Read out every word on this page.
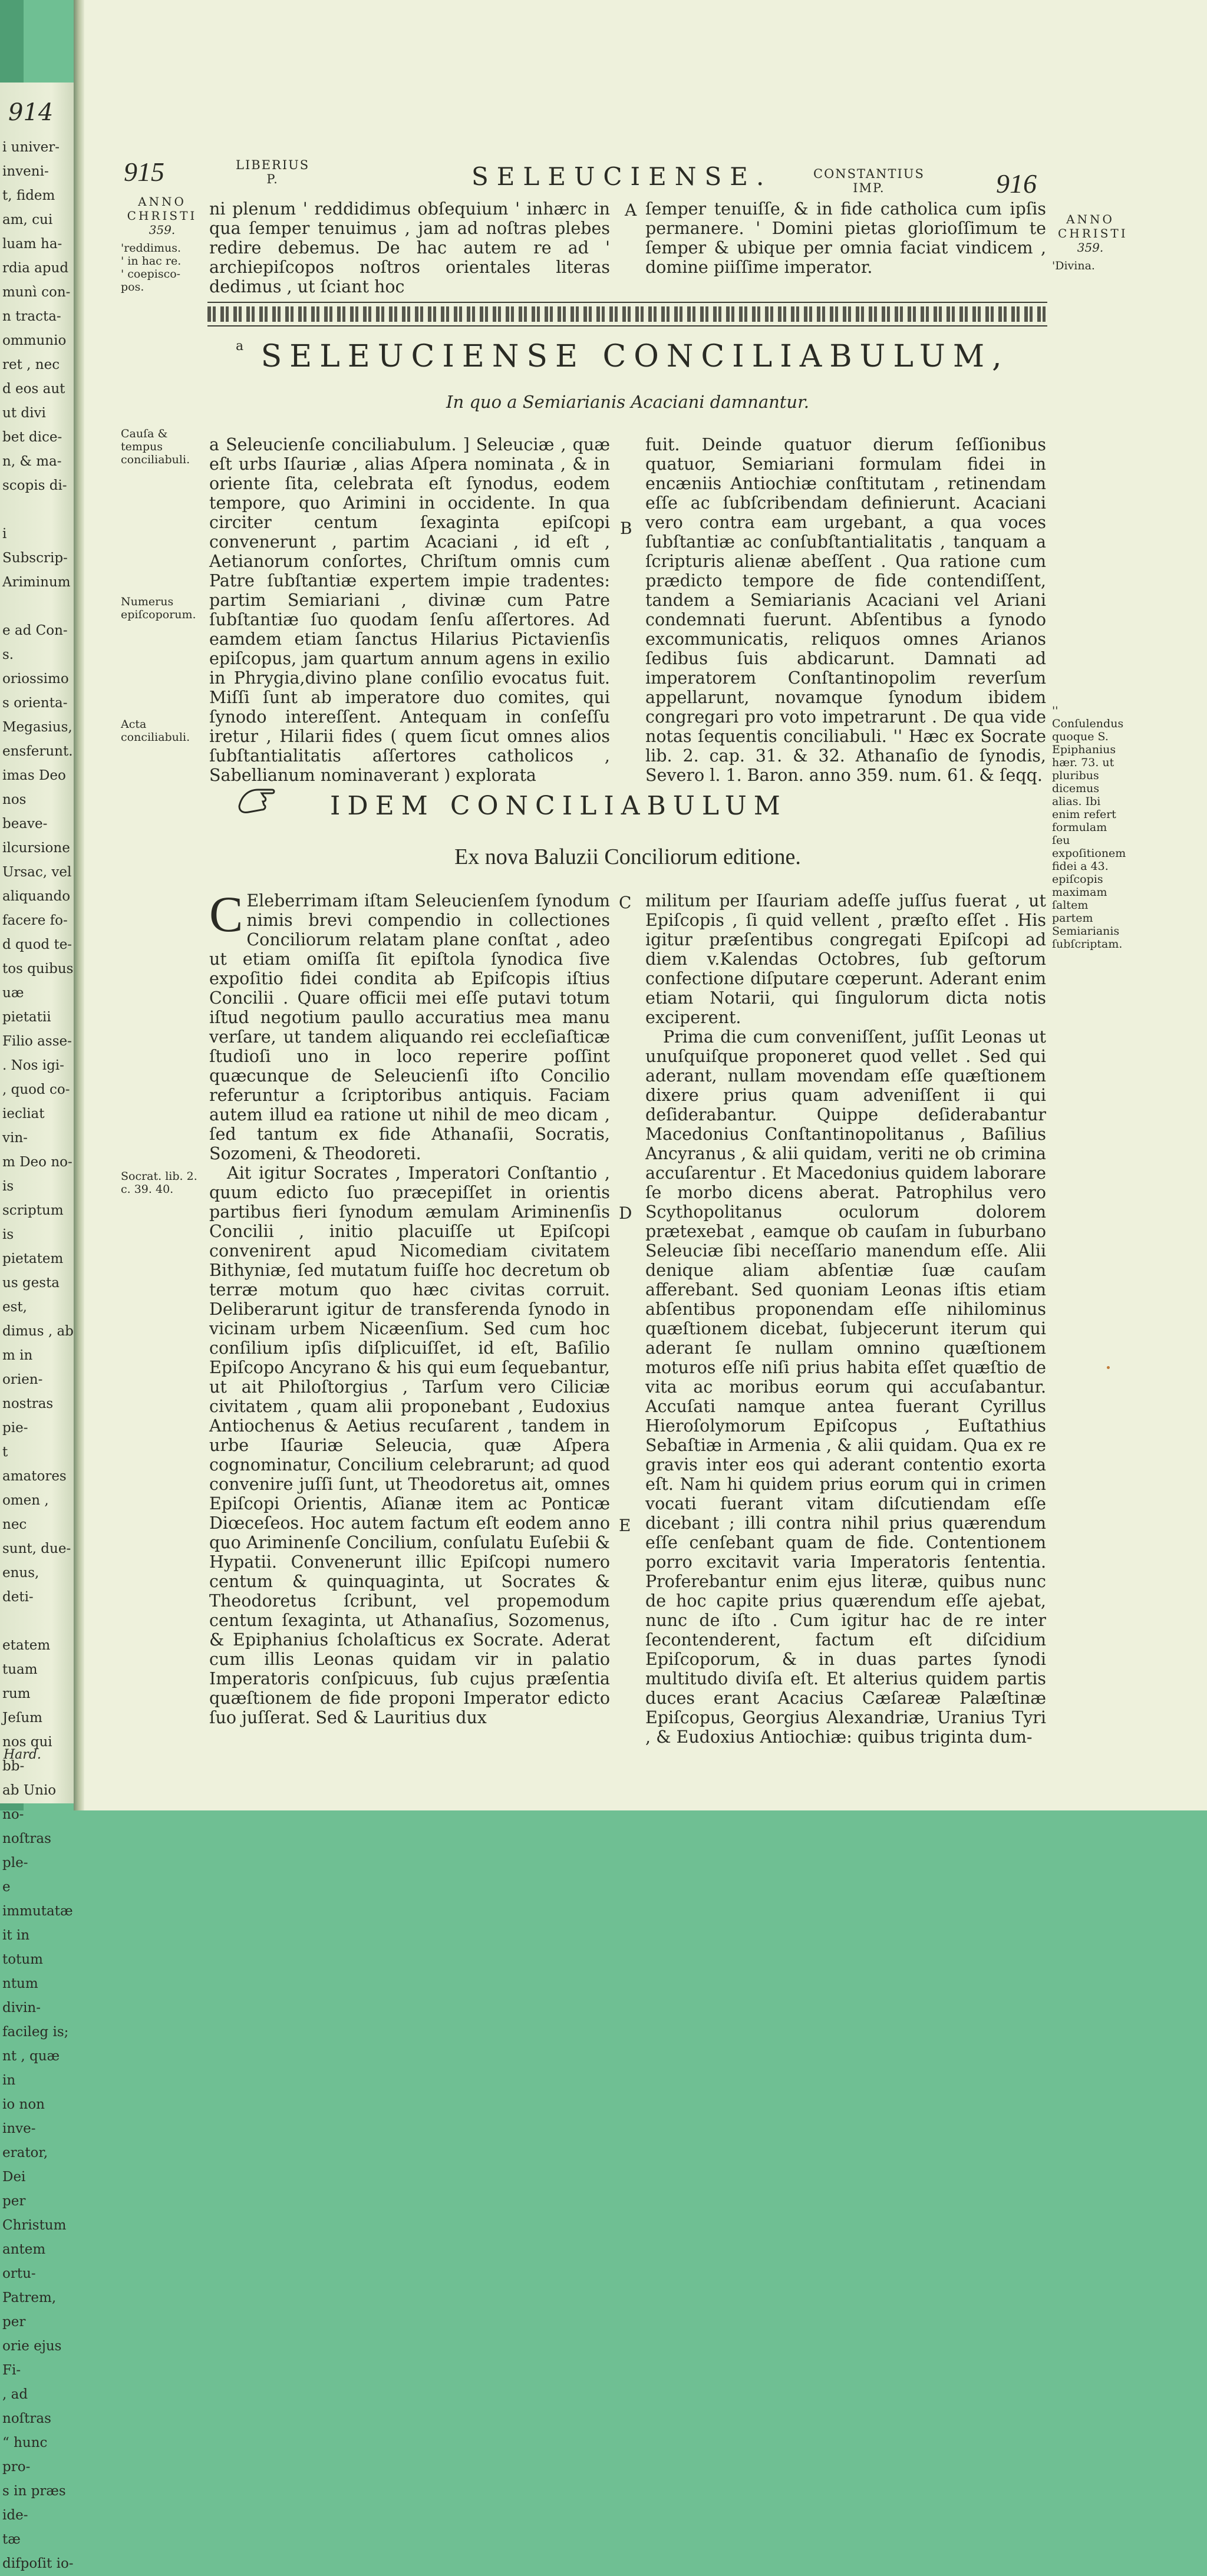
914
i univer-
inveni-
t, fidem
am, cui
luam ha-
rdia apud
munì con-
n tracta-
ommunio
ret , nec
d eos aut
ut divi
bet dice-
n, & ma-
scopis di-

i Subscrip-
Ariminum

e ad Con-
s.
oriossimo
s orienta-
Megasius,
ensferunt.
imas Deo
nos beave-
ilcursione
Ursac, vel
aliquando
facere fo-
d quod te-
tos quibus
uæ pietatii
Filio asse-
. Nos igi-
, quod co-
iecliat vin-
m Deo no-
is scriptum
is pietatem
us gesta est,
dimus , ab
m in orien-
nostras pie-
t amatores
omen , nec
sunt, due-
enus, deti-

etatem tuam
rum Jeſum
nos qui bb-
ab Unio no-
noſtras ple-
e immutatæ
it in totum
ntum divin-
facileg is;
nt , quæ in
io non inve-
erator, Dei
per Christum
antem ortu-
Patrem, per
orie ejus Fi-
, ad noſtras
“ hunc pro-
s in præs ide-
tæ difpoſit io-
Hard.
915	LIBERIUS
P.	SELEUCIENSE.	CONSTANTIUS
IMP.	916
ANNO
CHRISTI
359.
'reddimus.
' in hac re.
' coepisco-
pos.
ANNO
CHRISTI
359.
'Divina.
ni plenum ' reddidimus obſequium ' inhærc in qua ſemper tenuimus , jam ad noſtras plebes redire debemus. De hac autem re ad ' archiepiſcopos noſtros orientales literas dedimus , ut ſciant hoc
A ſemper tenuiſſe, & in fide catholica cum ipſis permanere. ' Domini pietas glorioſſimum te ſemper & ubique per omnia faciat vindicem , domine piiſſime imperator.
$^a$ SELEUCIENSE CONCILIABULUM,
In quo a Semiarianis Acaciani damnantur.
Cauſa & tempus conciliabuli.
Numerus epiſcoporum.
Acta conciliabuli.
a Seleucienſe conciliabulum. ] Seleuciæ , quæ eſt urbs Iſauriæ , alias Aſpera nominata , & in oriente ſita, celebrata eſt ſynodus, eodem tempore, quo Arimini in occidente. In qua circiter centum ſexaginta epiſcopi convenerunt , partim Acaciani , id eſt , Aetianorum conſortes, Chriſtum omnis cum Patre ſubſtantiæ expertem impie tradentes: partim Semiariani , divinæ cum Patre ſubſtantiæ ſuo quodam ſenſu aſſertores. Ad eamdem etiam ſanctus Hilarius Pictavienſis epiſcopus, jam quartum annum agens in exilio in Phrygia,divino plane conſilio evocatus fuit. Miſſi ſunt ab imperatore duo comites, qui ſynodo intereſſent. Antequam in conſeſſu iretur , Hilarii fides ( quem ſicut omnes alios ſubſtantialitatis aſſertores catholicos , Sabellianum nominaverant ) explorata
B
fuit. Deinde quatuor dierum ſeſſionibus quatuor, Semiariani formulam fidei in encæniis Antiochiæ conſtitutam , retinendam eſſe ac ſubſcribendam definierunt. Acaciani vero contra eam urgebant, a qua voces ſubſtantiæ ac conſubſtantialitatis , tanquam a ſcripturis alienæ abeſſent . Qua ratione cum prædicto tempore de fide contendiſſent, tandem a Semiarianis Acaciani vel Ariani condemnati fuerunt. Abſentibus a ſynodo excommunicatis, reliquos omnes Arianos ſedibus ſuis abdicarunt. Damnati ad imperatorem Conſtantinopolim reverſum appellarunt, novamque ſynodum ibidem congregari pro voto impetrarunt . De qua vide notas ſequentis conciliabuli. '' Hæc ex Socrate lib. 2. cap. 31. & 32. Athanaſio de ſynodis, Severo l. 1. Baron. anno 359. num. 61. & ſeqq.
'' Conſulendus quoque S. Epiphanius hær. 73. ut pluribus dicemus alias. Ibi enim refert formulam ſeu expoſitionem fidei a 43. epiſcopis maximam ſaltem partem Semiarianis ſubſcriptam.
IDEM CONCILIABULUM
Ex nova Baluzii Conciliorum editione.

C Eleberrimam iſtam Seleucienſem ſynodum nimis brevi compendio in collectiones Conciliorum relatam plane conſtat , adeo ut etiam omiſſa ſit epiſtola ſynodica ſive expoſitio fidei condita ab Epiſcopis iſtius Concilii . Quare officii mei eſſe putavi totum iſtud negotium paullo accuratius mea manu verſare, ut tandem aliquando rei eccleſiaſticæ ſtudioſi uno in loco reperire poſſint quæcunque de Seleucienſi iſto Concilio referuntur a ſcriptoribus antiquis. Faciam autem illud ea ratione ut nihil de meo dicam , ſed tantum ex fide Athanaſii, Socratis, Sozomeni, & Theodoreti.

Ait igitur Socrates , Imperatori Conſtantio , quum edicto ſuo præcepiſſet in orientis partibus fieri ſynodum æmulam Ariminenſis Concilii , initio placuiſſe ut Epiſcopi convenirent apud Nicomediam civitatem Bithyniæ, ſed mutatum fuiſſe hoc decretum ob terræ motum quo hæc civitas corruit. Deliberarunt igitur de transferenda ſynodo in vicinam urbem Nicæenſium. Sed cum hoc conſilium ipſis diſplicuiſſet, id eſt, Baſilio Epiſcopo Ancyrano & his qui eum ſequebantur, ut ait Philoſtorgius , Tarſum vero Ciliciæ civitatem , quam alii proponebant , Eudoxius Antiochenus & Aetius recuſarent , tandem in urbe Iſauriæ Seleucia, quæ Aſpera cognominatur, Concilium celebrarunt; ad quod convenire juſſi ſunt, ut Theodoretus ait, omnes Epiſcopi Orientis, Aſianæ item ac Ponticæ Diœceſeos. Hoc autem factum eſt eodem anno quo Ariminenſe Concilium, conſulatu Euſebii & Hypatii. Convenerunt illic Epiſcopi numero centum & quinquaginta, ut Socrates & Theodoretus ſcribunt, vel propemodum centum ſexaginta, ut Athanaſius, Sozomenus, & Epiphanius ſcholaſticus ex Socrate. Aderat cum illis Leonas quidam vir in palatio Imperatoris conſpicuus, ſub cujus præſentia quæſtionem de fide proponi Imperator edicto ſuo juſſerat. Sed & Lauritius dux

Socrat. lib. 2. c. 39. 40.
C
D
E

militum per Iſauriam adeſſe juſſus fuerat , ut Epiſcopis , ſi quid vellent , præſto eſſet . His igitur præſentibus congregati Epiſcopi ad diem v.Kalendas Octobres, ſub geſtorum confectione diſputare cœperunt. Aderant enim etiam Notarii, qui ſingulorum dicta notis exciperent.

Prima die cum conveniſſent, juſſit Leonas ut unuſquiſque proponeret quod vellet . Sed qui aderant, nullam movendam eſſe quæſtionem dixere prius quam adveniſſent ii qui deſiderabantur. Quippe deſiderabantur Macedonius Conſtantinopolitanus , Baſilius Ancyranus , & alii quidam, veriti ne ob crimina accuſarentur . Et Macedonius quidem laborare ſe morbo dicens aberat. Patrophilus vero Scythopolitanus oculorum dolorem prætexebat , eamque ob cauſam in ſuburbano Seleuciæ ſibi neceſſario manendum eſſe. Alii denique aliam abſentiæ ſuæ cauſam afferebant. Sed quoniam Leonas iſtis etiam abſentibus proponendam eſſe nihilominus quæſtionem dicebat, ſubjecerunt iterum qui aderant ſe nullam omnino quæſtionem moturos eſſe niſi prius habita eſſet quæſtio de vita ac moribus eorum qui accuſabantur. Accuſati namque antea fuerant Cyrillus Hieroſolymorum Epiſcopus , Euſtathius Sebaſtiæ in Armenia , & alii quidam. Qua ex re gravis inter eos qui aderant contentio exorta eſt. Nam hi quidem prius eorum qui in crimen vocati fuerant vitam diſcutiendam eſſe dicebant ; illi contra nihil prius quærendum eſſe cenſebant quam de fide. Contentionem porro excitavit varia Imperatoris ſententia. Proferebantur enim ejus literæ, quibus nunc de hoc capite prius quærendum eſſe ajebat, nunc de iſto . Cum igitur hac de re inter ſecontenderent, factum eſt diſcidium Epiſcoporum, & in duas partes ſynodi multitudo diviſa eſt. Et alterius quidem partis duces erant Acacius Cæſareæ Palæſtinæ Epiſcopus, Georgius Alexandriæ, Uranius Tyri , & Eudoxius Antiochiæ: quibus triginta dum-
